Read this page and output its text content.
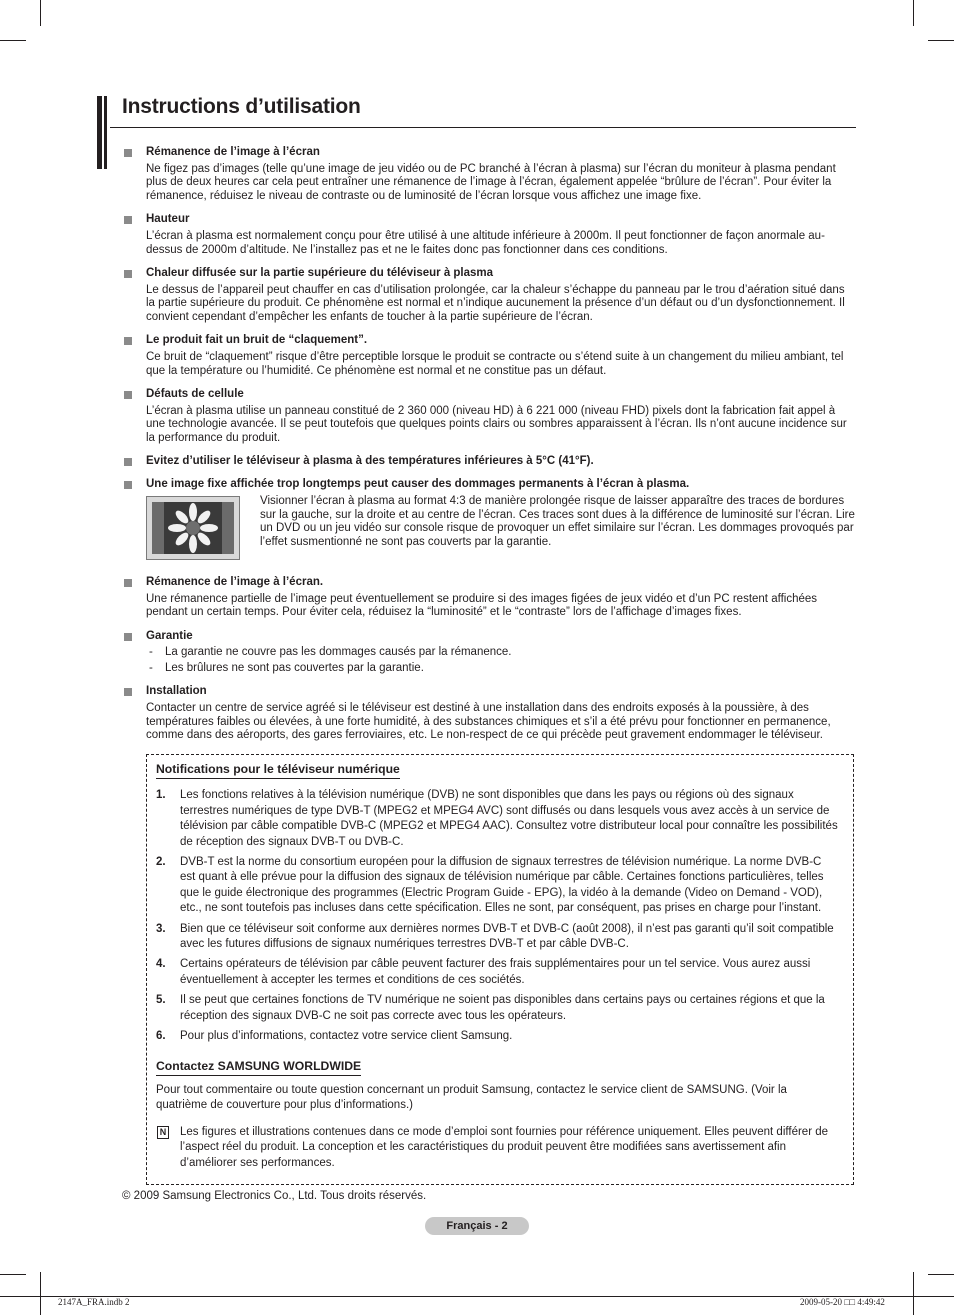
Instructions d’utilisation
Rémanence de l’image à l’écran
Ne figez pas d’images (telle qu’une image de jeu vidéo ou de PC branché à l’écran à plasma) sur l’écran du moniteur à plasma pendant plus de deux heures car cela peut entraîner une rémanence de l’image à l’écran, également appelée “brûlure de l’écran”. Pour éviter la rémanence, réduisez le niveau de contraste ou de luminosité de l’écran lorsque vous affichez une image fixe.
Hauteur
L’écran à plasma est normalement conçu pour être utilisé à une altitude inférieure à 2000m. Il peut fonctionner de façon anormale au-dessus de 2000m d’altitude. Ne l’installez pas et ne le faites donc pas fonctionner dans ces conditions.
Chaleur diffusée sur la partie supérieure du téléviseur à plasma
Le dessus de l’appareil peut chauffer en cas d’utilisation prolongée, car la chaleur s’échappe du panneau par le trou d’aération situé dans la partie supérieure du produit. Ce phénomène est normal et n’indique aucunement la présence d’un défaut ou d’un dysfonctionnement. Il convient cependant d’empêcher les enfants de toucher à la partie supérieure de l’écran.
Le produit fait un bruit de “claquement”.
Ce bruit de “claquement” risque d’être perceptible lorsque le produit se contracte ou s’étend suite à un changement du milieu ambiant, tel que la température ou l’humidité. Ce phénomène est normal et ne constitue pas un défaut.
Défauts de cellule
L’écran à plasma utilise un panneau constitué de 2 360 000 (niveau HD) à 6 221 000 (niveau FHD) pixels dont la fabrication fait appel à une technologie avancée. Il se peut toutefois que quelques points clairs ou sombres apparaissent à l’écran. Ils n’ont aucune incidence sur la performance du produit.
Evitez d’utiliser le téléviseur à plasma à des températures inférieures à 5°C (41°F).
Une image fixe affichée trop longtemps peut causer des dommages permanents à l’écran à plasma.
Visionner l’écran à plasma au format 4:3 de manière prolongée risque de laisser apparaître des traces de bordures sur la gauche, sur la droite et au centre de l’écran. Ces traces sont dues à la différence de luminosité sur l’écran. Lire un DVD ou un jeu vidéo sur console risque de provoquer un effet similaire sur l’écran. Les dommages provoqués par l’effet susmentionné ne sont pas couverts par la garantie.
Rémanence de l’image à l’écran.
Une rémanence partielle de l’image peut éventuellement se produire si des images figées de jeux vidéo et d’un PC restent affichées pendant un certain temps. Pour éviter cela, réduisez la “luminosité” et le “contraste” lors de l’affichage d’images fixes.
Garantie
- La garantie ne couvre pas les dommages causés par la rémanence.
- Les brûlures ne sont pas couvertes par la garantie.
Installation
Contacter un centre de service agréé si le téléviseur est destiné à une installation dans des endroits exposés à la poussière, à des températures faibles ou élevées, à une forte humidité, à des substances chimiques et s’il a été prévu pour fonctionner en permanence, comme dans des aéroports, des gares ferroviaires, etc. Le non-respect de ce qui précède peut gravement endommager le téléviseur.
Notifications pour le téléviseur numérique
1. Les fonctions relatives à la télévision numérique (DVB) ne sont disponibles que dans les pays ou régions où des signaux terrestres numériques de type DVB-T (MPEG2 et MPEG4 AVC) sont diffusés ou dans lesquels vous avez accès à un service de télévision par câble compatible DVB-C (MPEG2 et MPEG4 AAC). Consultez votre distributeur local pour connaître les possibilités de réception des signaux DVB-T ou DVB-C.
2. DVB-T est la norme du consortium européen pour la diffusion de signaux terrestres de télévision numérique. La norme DVB-C est quant à elle prévue pour la diffusion des signaux de télévision numérique par câble. Certaines fonctions particulières, telles que le guide électronique des programmes (Electric Program Guide - EPG), la vidéo à la demande (Video on Demand - VOD), etc., ne sont toutefois pas incluses dans cette spécification. Elles ne sont, par conséquent, pas prises en charge pour l’instant.
3. Bien que ce téléviseur soit conforme aux dernières normes DVB-T et DVB-C (août 2008), il n’est pas garanti qu’il soit compatible avec les futures diffusions de signaux numériques terrestres DVB-T et par câble DVB-C.
4. Certains opérateurs de télévision par câble peuvent facturer des frais supplémentaires pour un tel service. Vous aurez aussi éventuellement à accepter les termes et conditions de ces sociétés.
5. Il se peut que certaines fonctions de TV numérique ne soient pas disponibles dans certains pays ou certaines régions et que la réception des signaux DVB-C ne soit pas correcte avec tous les opérateurs.
6. Pour plus d’informations, contactez votre service client Samsung.
Contactez SAMSUNG WORLDWIDE
Pour tout commentaire ou toute question concernant un produit Samsung, contactez le service client de SAMSUNG. (Voir la quatrième de couverture pour plus d’informations.)
N Les figures et illustrations contenues dans ce mode d’emploi sont fournies pour référence uniquement. Elles peuvent différer de l’aspect réel du produit. La conception et les caractéristiques du produit peuvent être modifiées sans avertissement afin d’améliorer ses performances.
© 2009 Samsung Electronics Co., Ltd. Tous droits réservés.
Français - 2
2147A_FRA.indb 2	2009-05-20 □□ 4:49:42
